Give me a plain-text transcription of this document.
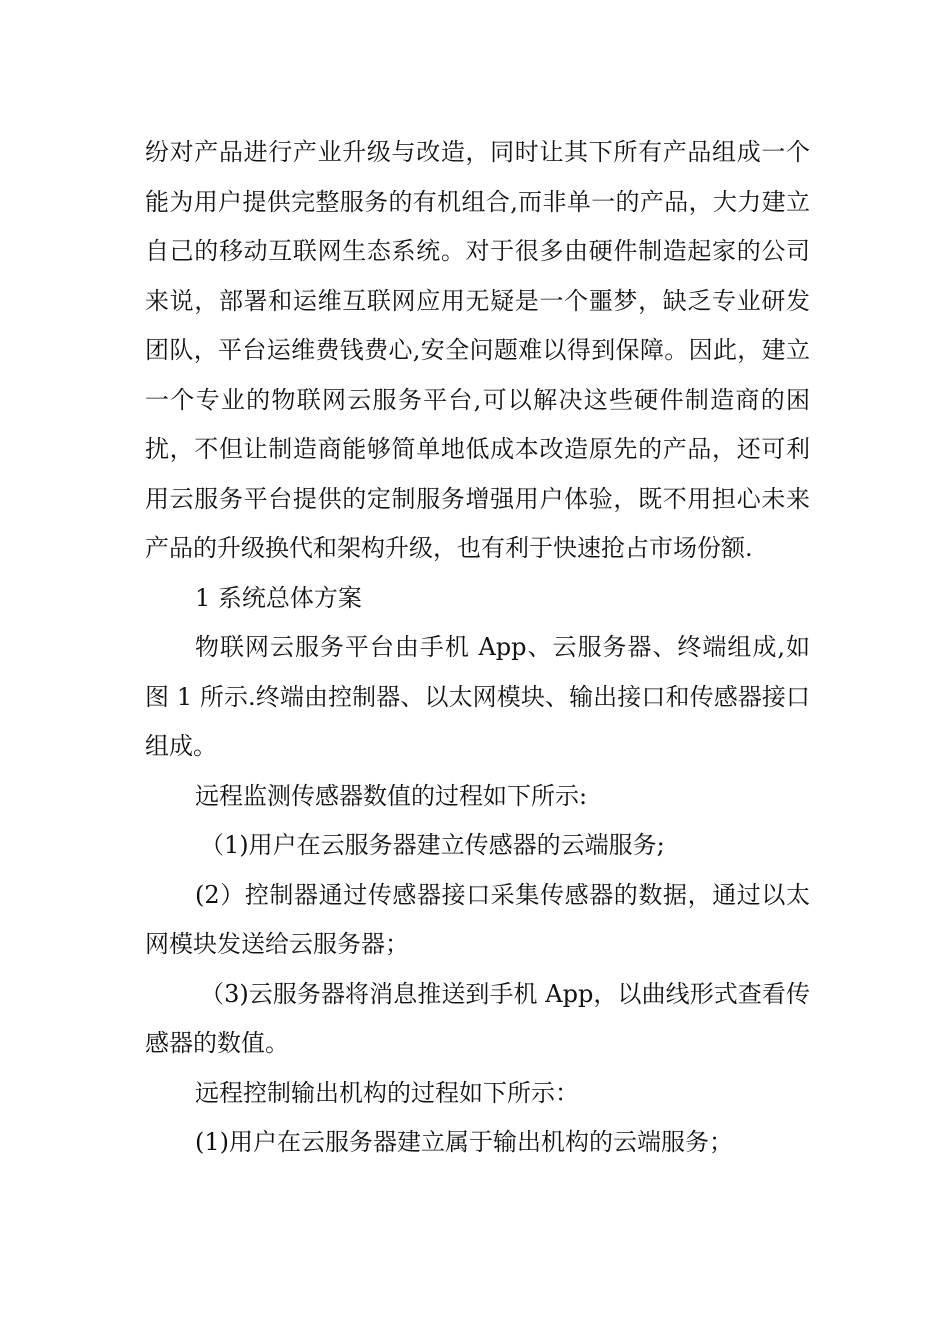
纷对产品进行产业升级与改造，同时让其下所有产品组成一个能为用户提供完整服务的有机组合,而非单一的产品，大力建立自己的移动互联网生态系统。对于很多由硬件制造起家的公司来说，部署和运维互联网应用无疑是一个噩梦，缺乏专业研发团队，平台运维费钱费心,安全问题难以得到保障。因此，建立一个专业的物联网云服务平台,可以解决这些硬件制造商的困扰，不但让制造商能够简单地低成本改造原先的产品，还可利用云服务平台提供的定制服务增强用户体验，既不用担心未来产品的升级换代和架构升级，也有利于快速抢占市场份额.

1 系统总体方案

物联网云服务平台由手机 App、云服务器、终端组成,如图 1 所示.终端由控制器、以太网模块、输出接口和传感器接口组成。

远程监测传感器数值的过程如下所示:

（1)用户在云服务器建立传感器的云端服务;

(2）控制器通过传感器接口采集传感器的数据，通过以太网模块发送给云服务器；

（3)云服务器将消息推送到手机 App，以曲线形式查看传感器的数值。

远程控制输出机构的过程如下所示：

(1)用户在云服务器建立属于输出机构的云端服务；
